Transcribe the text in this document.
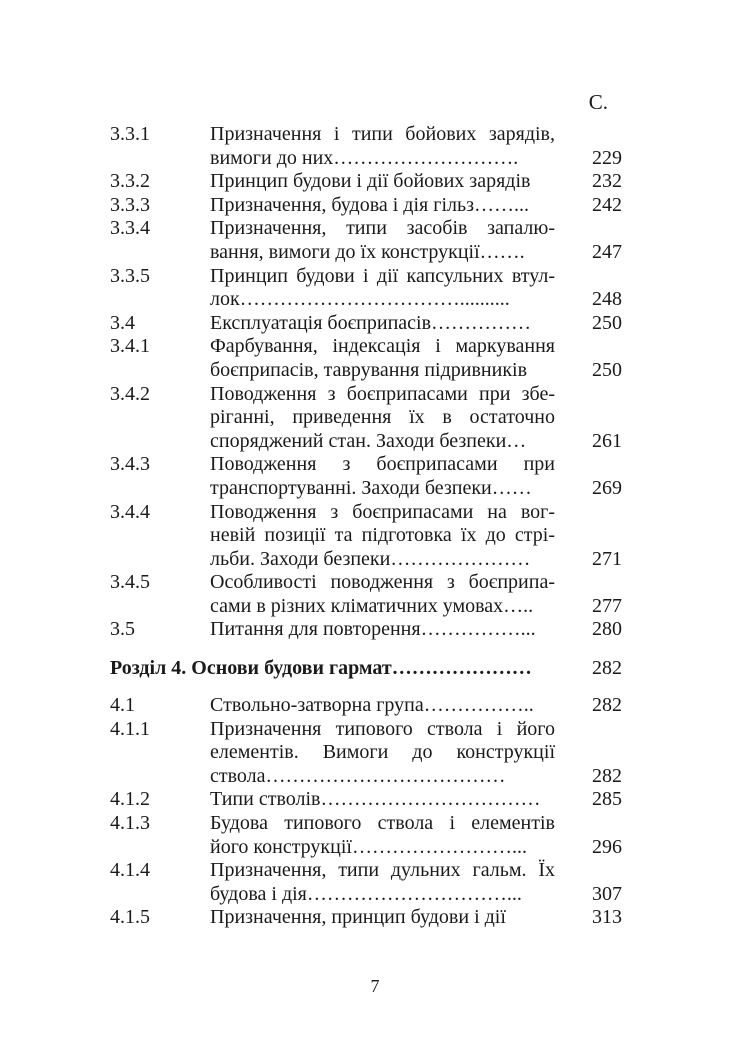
С.
3.3.1	Призначення і типи бойових зарядів,
вимоги до них……………………….	229
3.3.2	Принцип будови і дії бойових зарядів	232
3.3.3	Призначення, будова і дія гільз……...	242
3.3.4	Призначення, типи засобів запалю-
вання, вимоги до їх конструкції…….	247
3.3.5	Принцип будови і дії капсульних втул-
лок……………………………..........	248
3.4	Експлуатація боєприпасів……………	250
3.4.1	Фарбування, індексація і маркування
боєприпасів, таврування підривників	250
3.4.2	Поводження з боєприпасами при збе-
ріганні, приведення їх в остаточно
споряджений стан. Заходи безпеки…	261
3.4.3	Поводження з боєприпасами при
транспортуванні. Заходи безпеки……	269
3.4.4	Поводження з боєприпасами на вог-
невій позиції та підготовка їх до стрі-
льби. Заходи безпеки…………………	271
3.4.5	Особливості поводження з боєприпа-
сами в різних кліматичних умовах…..	277
3.5	Питання для повторення……………...	280
Розділ 4. Основи будови гармат…………………	282
4.1	Ствольно-затворна група……………..	282
4.1.1	Призначення типового ствола і його
елементів. Вимоги до конструкції
ствола………………………………	282
4.1.2	Типи стволів……………………………	285
4.1.3	Будова типового ствола і елементів
його конструкції……………………...	296
4.1.4	Призначення, типи дульних гальм. Їх
будова і дія…………………………...	307
4.1.5	Призначення, принцип будови і дії	313
7
